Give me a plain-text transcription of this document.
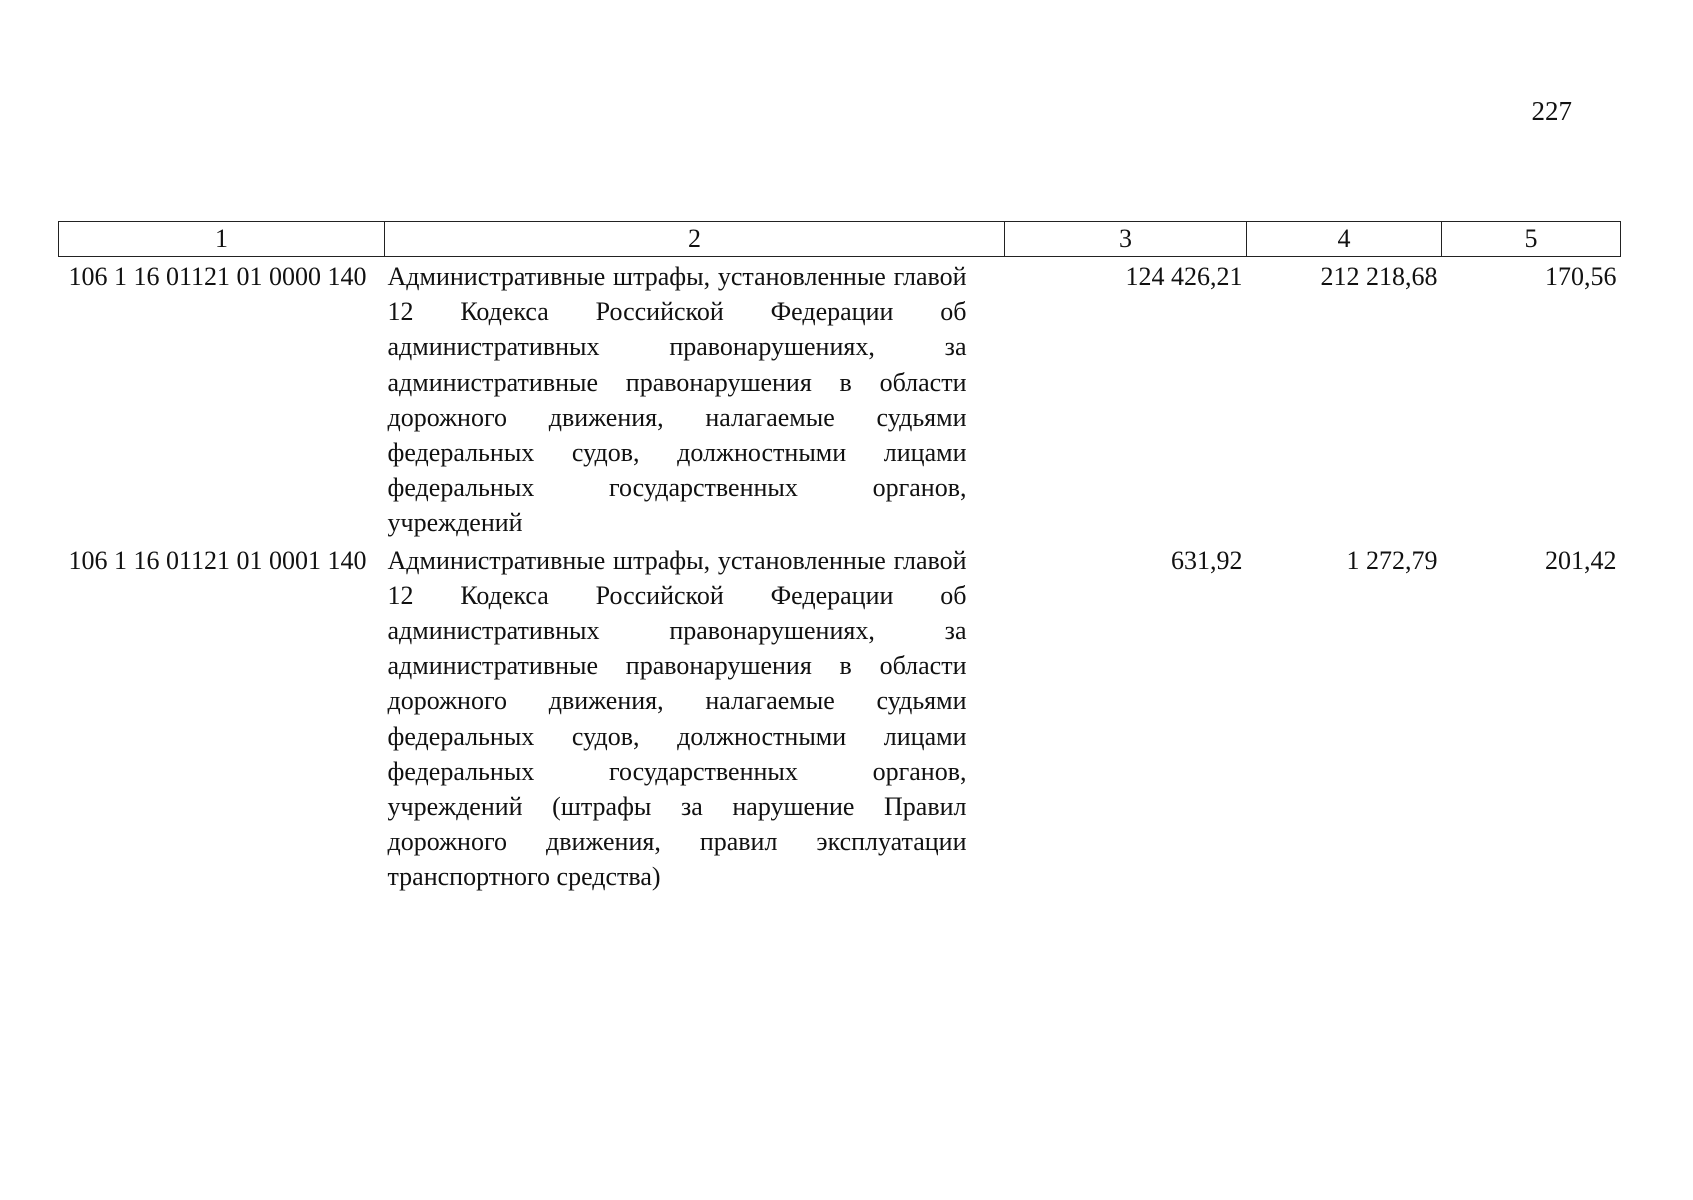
227
1	2	3	4	5
106 1 16 01121 01 0000 140	Административные штрафы, установленные главой 12 Кодекса Российской Федерации об административных правонарушениях, за административные правонарушения в области дорожного движения, налагаемые судьями федеральных судов, должностными лицами федеральных государственных органов, учреждений	124 426,21	212 218,68	170,56
106 1 16 01121 01 0001 140	Административные штрафы, установленные главой 12 Кодекса Российской Федерации об административных правонарушениях, за административные правонарушения в области дорожного движения, налагаемые судьями федеральных судов, должностными лицами федеральных государственных органов, учреждений (штрафы за нарушение Правил дорожного движения, правил эксплуатации транспортного средства)	631,92	1 272,79	201,42
